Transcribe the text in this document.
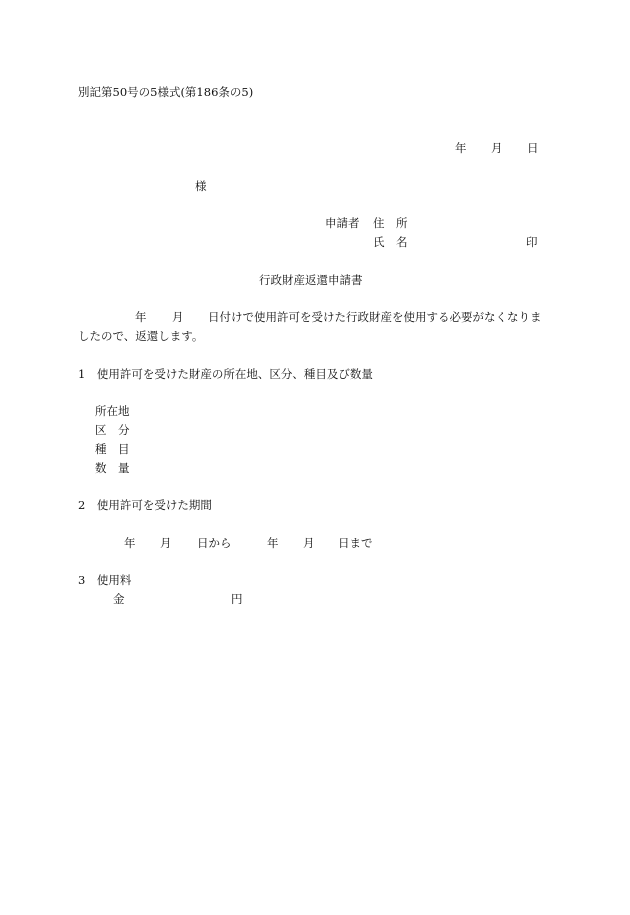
別記第50号の5様式(第186条の5)
年 月 日
様
申請者 住　所
氏　名	印
行政財産返還申請書
年 月 日付けで使用許可を受けた行政財産を使用する必要がなくなりま
したので、返還します。
1　使用許可を受けた財産の所在地、区分、種目及び数量
所在地
区　分
種　目
数　量
2　使用許可を受けた期間
年 月 日から	年 月 日まで
3　使用料
金	円
